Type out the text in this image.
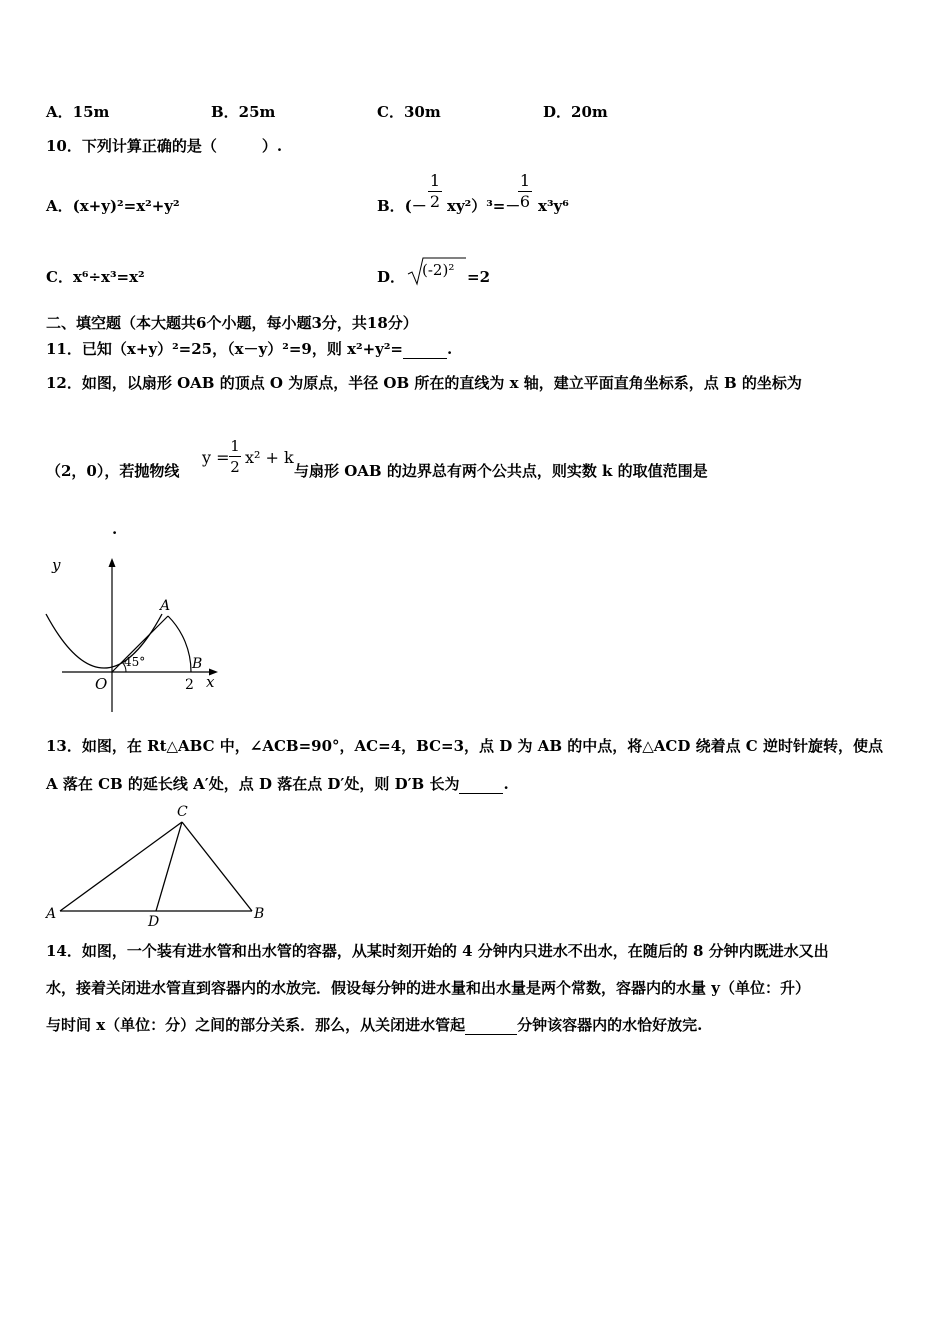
A．15m	B．25m	C．30m	D．20m
10．下列计算正确的是（　　　）.
A．(x+y)²=x²+y²	B．(－
1
2 xy²）³=－
1
6 x³y⁶
C．x⁶÷x³=x²	D． (-2)² =2
二、填空题（本大题共6个小题，每小题3分，共18分）
11．已知（x+y）²=25，（x－y）²=9，则 x²+y²=	.
12．如图，以扇形 OAB 的顶点 O 为原点，半径 OB 所在的直线为 x 轴，建立平面直角坐标系，点 B 的坐标为
（2，0），若抛物线
y =
1
2 x² + k
与扇形 OAB 的边界总有两个公共点，则实数 k 的取值范围是
.
y
x
O
A
B
2
45°
13．如图，在 Rt△ABC 中，∠ACB=90°，AC=4，BC=3，点 D 为 AB 的中点，将△ACD 绕着点 C 逆时针旋转，使点
A 落在 CB 的延长线 A′处，点 D 落在点 D′处，则 D′B 长为	.
A	B
C
D
14．如图，一个装有进水管和出水管的容器，从某时刻开始的 4 分钟内只进水不出水，在随后的 8 分钟内既进水又出
水，接着关闭进水管直到容器内的水放完．假设每分钟的进水量和出水量是两个常数，容器内的水量 y（单位：升）
与时间 x（单位：分）之间的部分关系．那么，从关闭进水管起	分钟该容器内的水恰好放完.
